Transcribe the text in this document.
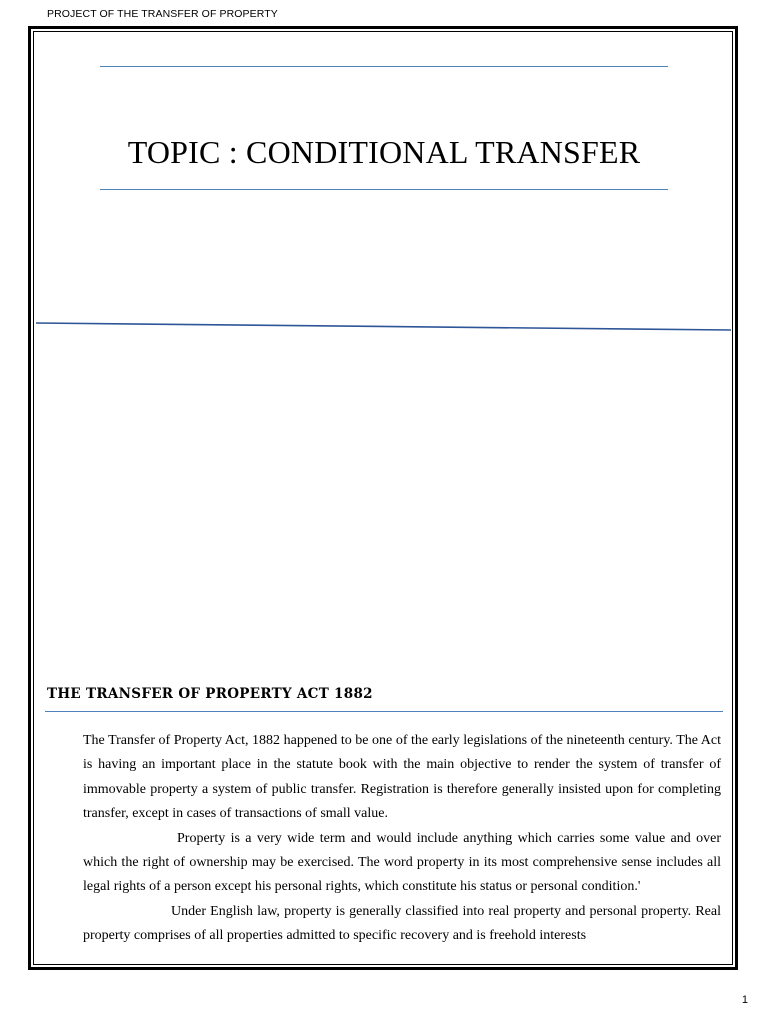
PROJECT OF THE TRANSFER OF PROPERTY
TOPIC : CONDITIONAL TRANSFER
THE TRANSFER OF PROPERTY ACT 1882

The Transfer of Property Act, 1882 happened to be one of the early legislations of the nineteenth century. The Act is having an important place in the statute book with the main objective to render the system of transfer of immovable property a system of public transfer. Registration is therefore generally insisted upon for completing transfer, except in cases of transactions of small value.

Property is a very wide term and would include anything which carries some value and over which the right of ownership may be exercised. The word property in its most comprehensive sense includes all legal rights of a person except his personal rights, which constitute his status or personal condition.'

Under English law, property is generally classified into real property and personal property. Real property comprises of all properties admitted to specific recovery and is freehold interests

1
